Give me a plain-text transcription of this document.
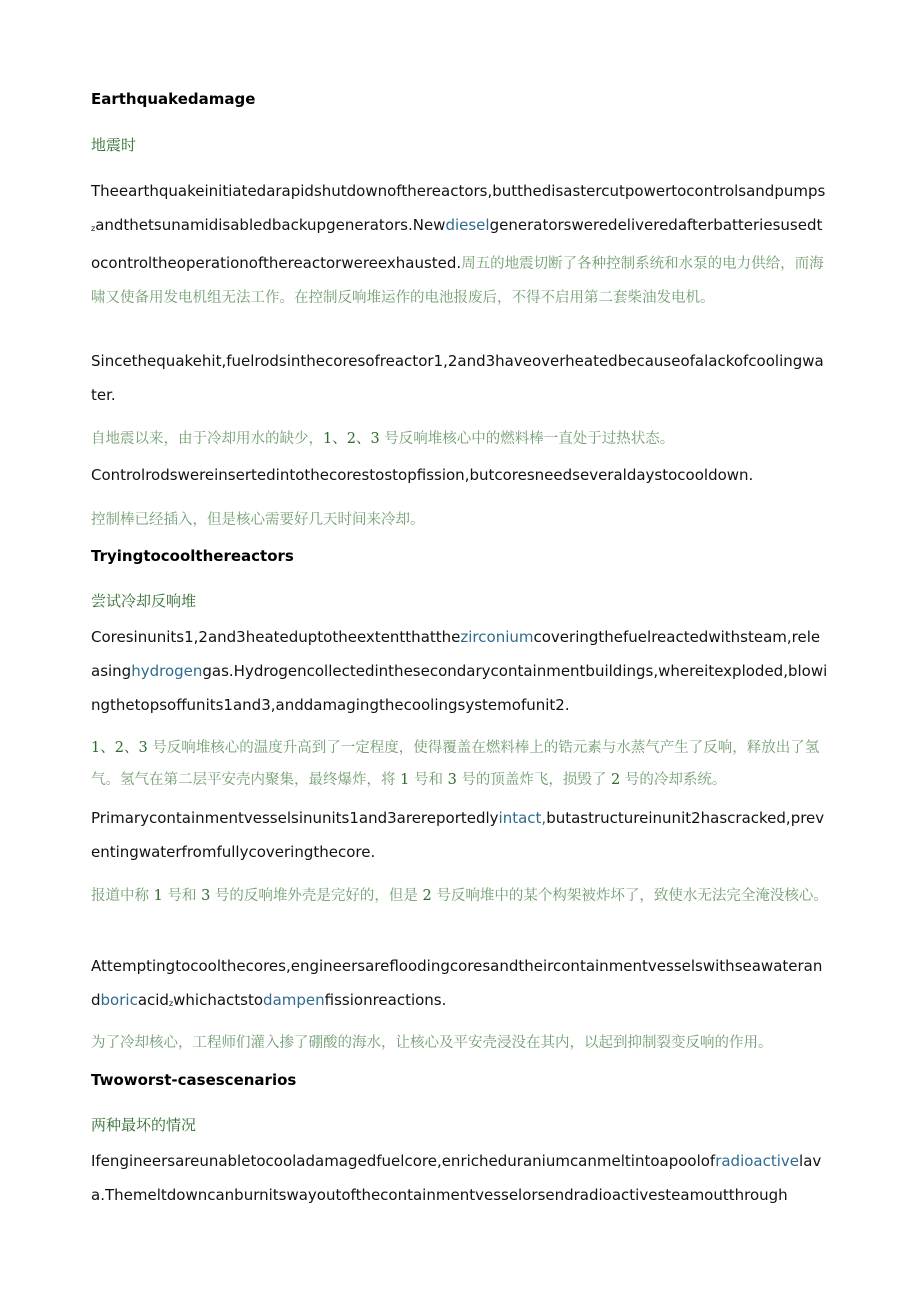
Earthquakedamage

地震时

Theearthquakeinitiatedarapidshutdownofthereactors,butthedisastercutpowertocontrolsandpumps$_z$andthetsunamidisabledbackupgenerators.Newdieselgeneratorsweredeliveredafterbatteriesusedtocontroltheoperationofthereactorwereexhausted.周五的地震切断了各种控制系统和水泵的电力供给，而海啸又使备用发电机组无法工作。在控制反响堆运作的电池报废后，不得不启用第二套柴油发电机。

Sincethequakehit,fuelrodsinthecoresofreactor1,2and3haveoverheatedbecauseofalackofcoolingwater.

自地震以来，由于冷却用水的缺少，1、2、3 号反响堆核心中的燃料棒一直处于过热状态。

Controlrodswereinsertedintothecorestostopfission,butcoresneedseveraldaystocooldown.

控制棒已经插入，但是核心需要好几天时间来冷却。

Tryingtocoolthereactors

尝试冷却反响堆

Coresinunits1,2and3heateduptotheextentthatthezirconiumcoveringthefuelreactedwithsteam,releasinghydrogengas.Hydrogencollectedinthesecondarycontainmentbuildings,whereitexploded,blowingthetopsoffunits1and3,anddamagingthecoolingsystemofunit2.

1、2、3 号反响堆核心的温度升高到了一定程度，使得覆盖在燃料棒上的锆元素与水蒸气产生了反响，释放出了氢气。氢气在第二层平安壳内聚集，最终爆炸，将 1 号和 3 号的顶盖炸飞，损毁了 2 号的冷却系统。

Primarycontainmentvesselsinunits1and3arereportedlyintact,butastructureinunit2hascracked,preventingwaterfromfullycoveringthecore.

报道中称 1 号和 3 号的反响堆外壳是完好的，但是 2 号反响堆中的某个构架被炸坏了，致使水无法完全淹没核心。

Attemptingtocoolthecores,engineersarefloodingcoresandtheircontainmentvesselswithseawaterandboricacid$_z$whichactstodampenfissionreactions.

为了冷却核心，工程师们灌入掺了硼酸的海水，让核心及平安壳浸没在其内，以起到抑制裂变反响的作用。

Twoworst-casescenarios

两种最坏的情况

Ifengineersareunabletocooladamagedfuelcore,enricheduraniumcanmeltintoapoolofradioactivelava.Themeltdowncanburnitswayoutofthecontainmentvesselorsendradioactivesteamoutthrough
